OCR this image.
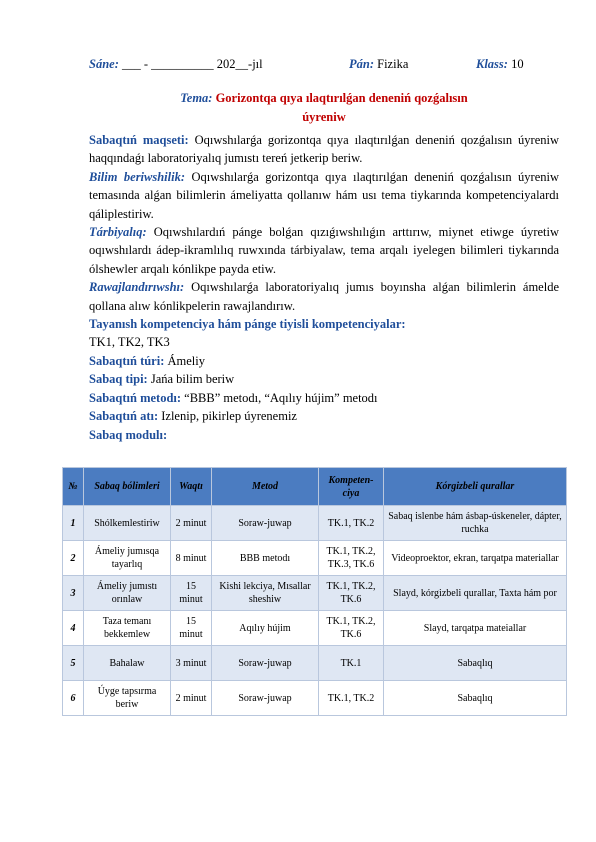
Sáne: ___ - __________ 202__-jıl	Pán: Fizika	Klass: 10
Tema: Gorizontqa qıya ılaqtırılǵan deneniń qozǵalısın
úyreniw

Sabaqtıń maqseti: Oqıwshılarǵa gorizontqa qıya ılaqtırılǵan deneniń qozǵalısın úyreniw haqqındaǵı laboratoriyalıq jumıstı tereń jetkerip beriw.

Bilim beriwshilik: Oqıwshılarǵa gorizontqa qıya ılaqtırılǵan deneniń qozǵalısın úyreniw temasında alǵan bilimlerin ámeliyatta qollanıw hám usı tema tiykarında kompetenciyalardı qáliplestiriw.

Tárbiyalıq: Oqıwshılardıń pánge bolǵan qızıǵıwshılıǵın arttırıw, miynet etiwge úyretiw oqıwshılardı ádep-ikramlılıq ruwxında tárbiyalaw, tema arqalı iyelegen bilimleri tiykarında ólshewler arqalı kónlikpe payda etiw.

Rawajlandırıwshı: Oqıwshılarǵa laboratoriyalıq jumıs boyınsha alǵan bilimlerin ámelde qollana alıw kónlikpelerin rawajlandırıw.

Tayanısh kompetenciya hám pánge tiyisli kompetenciyalar:

TK1, TK2, TK3

Sabaqtıń túri: Ámeliy

Sabaq tipi: Jańa bilim beriw

Sabaqtıń metodı: “BBB” metodı, “Aqılıy hújim” metodı

Sabaqtıń atı: Izlenip, pikirlep úyrenemiz

Sabaq modulı:

№	Sabaq bólimleri	Waqtı	Metod	Kompeten-ciya	Kórgizbeli qurallar
1	Shólkemlestiriw	2 minut	Soraw-juwap	TK.1, TK.2	Sabaq islenbe hám ásbap-úskeneler, dápter, ruchka
2	Ámeliy jumısqa tayarlıq	8 minut	BBB metodı	TK.1, TK.2, TK.3, TK.6	Videoproektor, ekran, tarqatpa materiallar
3	Ámeliy jumıstı orınlaw	15 minut	Kishi lekciya, Mısallar sheshiw	TK.1, TK.2, TK.6	Slayd, kórgizbeli qurallar, Taxta hám por
4	Taza temanı bekkemlew	15 minut	Aqılıy hújim	TK.1, TK.2, TK.6	Slayd, tarqatpa mateiallar
5	Bahalaw	3 minut	Soraw-juwap	TK.1	Sabaqlıq
6	Úyge tapsırma beriw	2 minut	Soraw-juwap	TK.1, TK.2	Sabaqlıq
